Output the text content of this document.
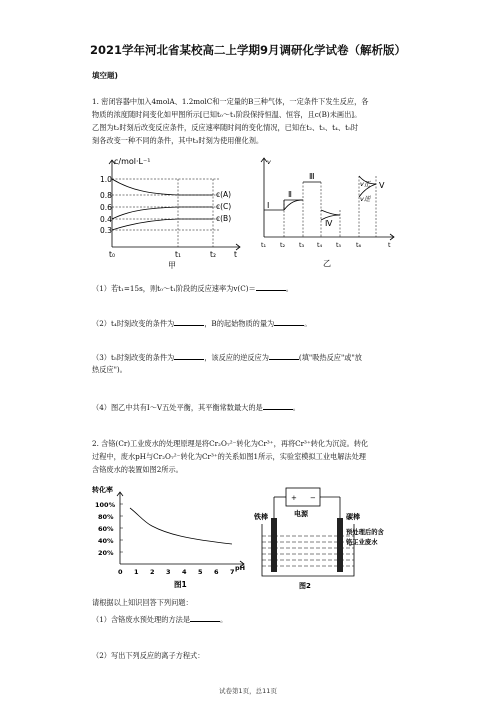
2021学年河北省某校高二上学期9月调研化学试卷（解析版）
填空题)
1. 密闭容器中加入4molA、1.2molC和一定量的B三种气体，一定条件下发生反应，各
物质的浓度随时间变化如甲图所示[已知t₀～t₁阶段保持恒温、恒容，且c(B)未画出]。
乙图为t₂时刻后改变反应条件，反应速率随时间的变化情况，已知在t₂、t₃、t₄、t₅时
刻各改变一种不同的条件，其中t₃时刻为使用催化剂。
c/mol·L⁻¹
1.0
0.8
0.6
0.4
0.3
t₀	t₁	t₂ t
c(A)
c(C)
c(B)
甲
Ⅰ
Ⅱ
Ⅲ
Ⅳ
Ⅴ
v正
v逆
v
t₁ t₂ t₃ t₄ t₅ t₆	t
乙
（1）若t₁=15s，则t₀～t₁阶段的反应速率为v(C)＝	。
（2）t₄时刻改变的条件为	，B的起始物质的量为	。
（3）t₅时刻改变的条件为	，该反应的逆反应为	(填"吸热反应"或"放
热反应")。
（4）图乙中共有Ⅰ～Ⅴ五处平衡，其平衡常数最大的是	。
2. 含铬(Cr)工业废水的处理原理是将Cr₂O₇²⁻转化为Cr³⁺，再将Cr³⁺转化为沉淀。转化
过程中，废水pH与Cr₂O₇²⁻转化为Cr³⁺的关系如图1所示，实验室模拟工业电解法处理
含铬废水的装置如图2所示。
转化率
100%
80%
60%
40%
20%
0 1 2 3 4 5 6 7 pH
图1
+ −
电源
铁棒	碳棒
预处理后的含
铬工业废水
图2
请根据以上知识回答下列问题：
（1）含铬废水预处理的方法是	。
（2）写出下列反应的离子方程式：
试卷第1页，总11页
